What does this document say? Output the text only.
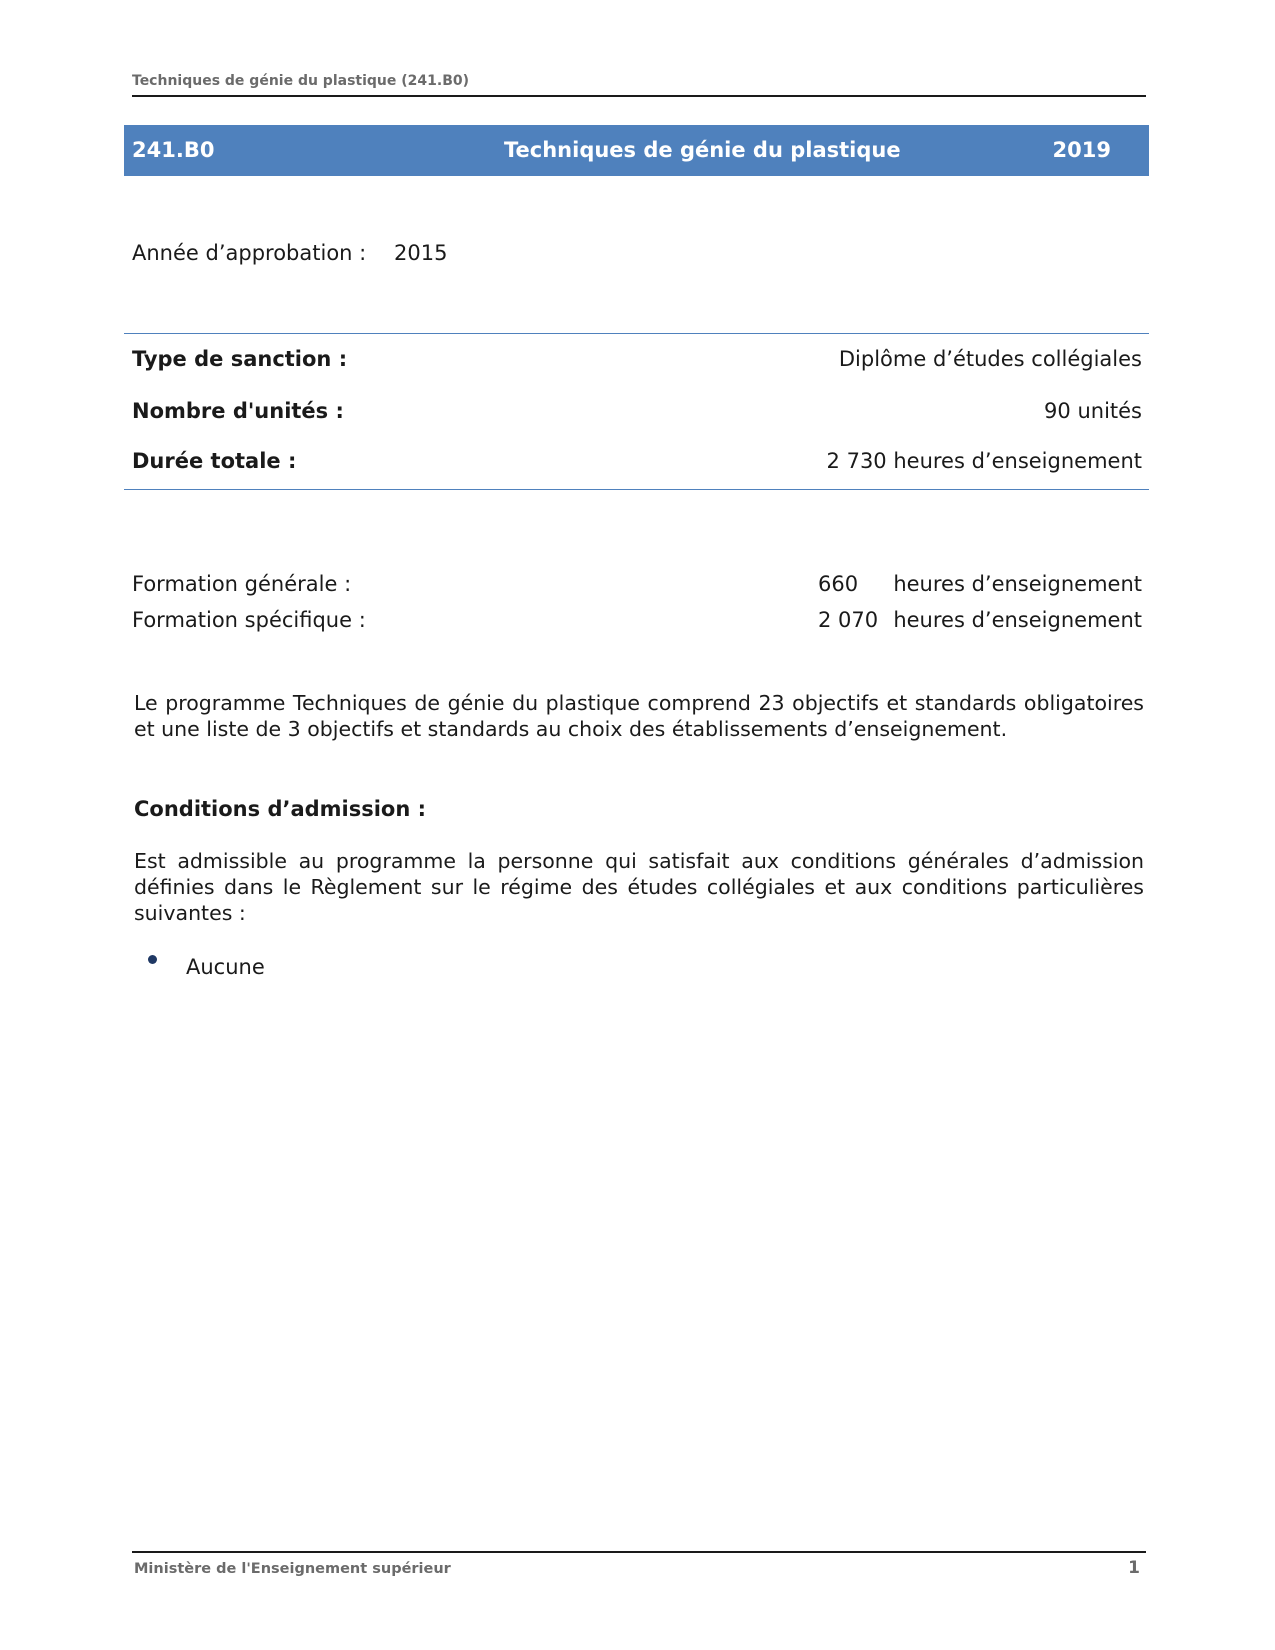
Techniques de génie du plastique (241.B0)
241.B0	Techniques de génie du plastique	2019
Année d’approbation : 2015
Type de sanction :	Diplôme d’études collégiales
Nombre d'unités :	90 unités
Durée totale :	2 730 heures d’enseignement
Formation générale :	660 heures d’enseignement
Formation spécifique :	2 070 heures d’enseignement
Le programme Techniques de génie du plastique comprend 23 objectifs et standards obligatoires et une liste de 3 objectifs et standards au choix des établissements d’enseignement.
Conditions d’admission :
Est admissible au programme la personne qui satisfait aux conditions générales d’admission définies dans le Règlement sur le régime des études collégiales et aux conditions particulières suivantes :
Aucune
Ministère de l'Enseignement supérieur	1
